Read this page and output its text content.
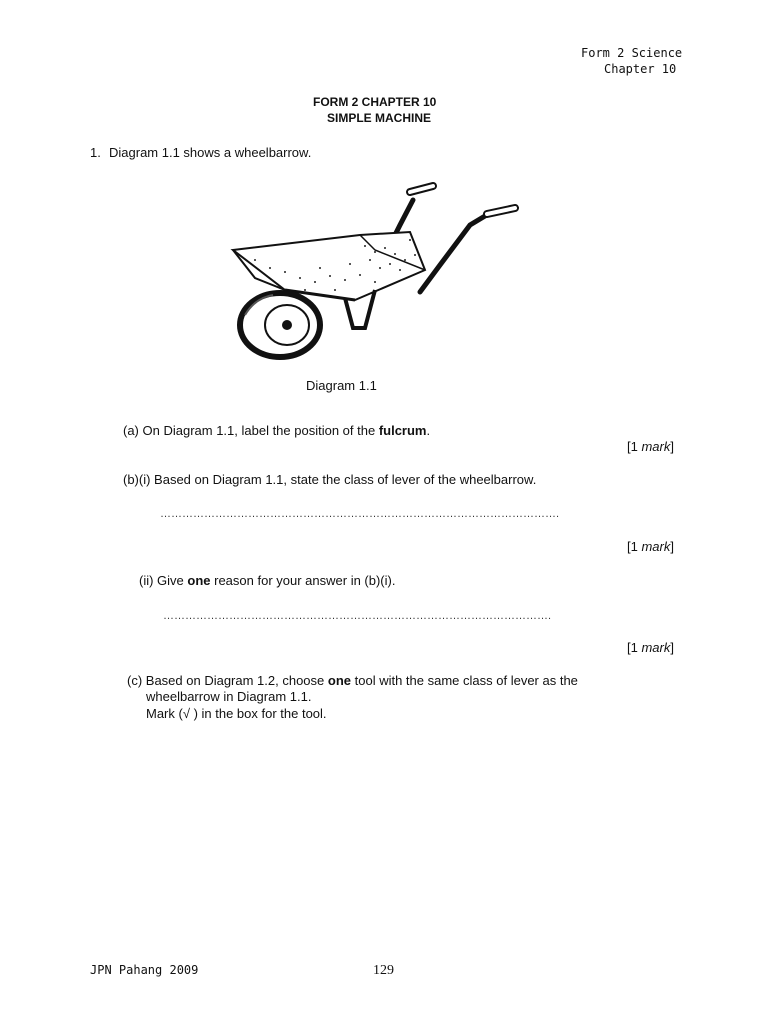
Form 2 Science
Chapter 10
FORM 2 CHAPTER 10
SIMPLE MACHINE
1. Diagram 1.1 shows a wheelbarrow.
Diagram 1.1
(a) On Diagram 1.1, label the position of the fulcrum.
[1 mark]
(b)(i) Based on Diagram 1.1, state the class of lever of the wheelbarrow.
……………………………………………………………………………………………….
[1 mark]
(ii) Give one reason for your answer in (b)(i).
…………………………………………………………………………………………….
[1 mark]
(c) Based on Diagram 1.2, choose one tool with the same class of lever as the
wheelbarrow in Diagram 1.1.
Mark (√ ) in the box for the tool.
JPN Pahang 2009	129
